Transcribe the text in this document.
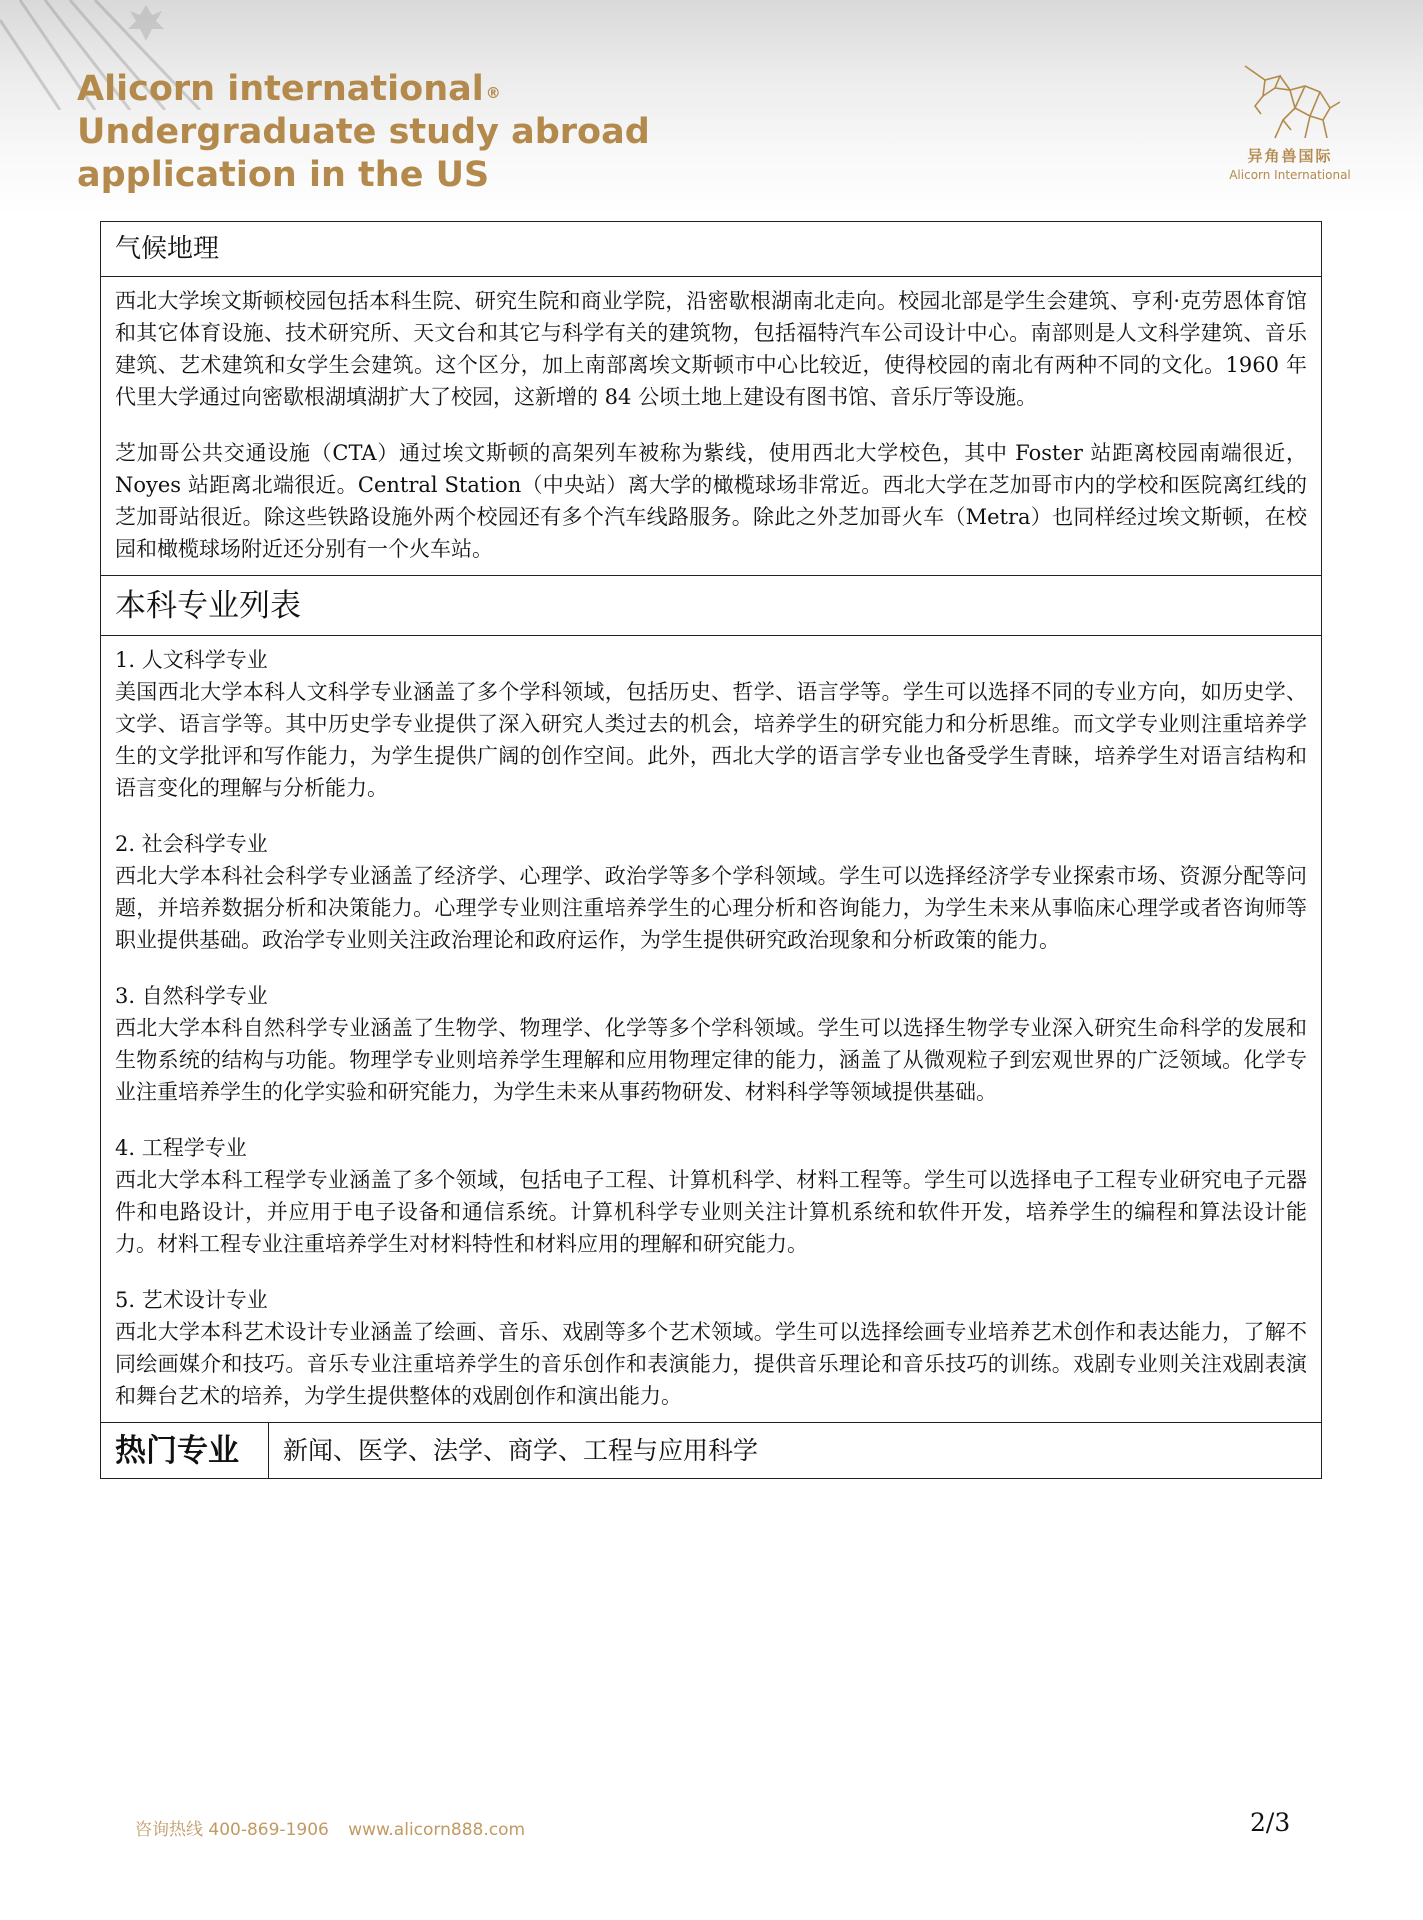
Alicorn international ®
Undergraduate study abroad
application in the US	异角兽国际
Alicorn International
气候地理

西北大学埃文斯顿校园包括本科生院、研究生院和商业学院，沿密歇根湖南北走向。校园北部是学生会建筑、亨利·克劳恩体育馆和其它体育设施、技术研究所、天文台和其它与科学有关的建筑物，包括福特汽车公司设计中心。南部则是人文科学建筑、音乐建筑、艺术建筑和女学生会建筑。这个区分，加上南部离埃文斯顿市中心比较近，使得校园的南北有两种不同的文化。1960 年代里大学通过向密歇根湖填湖扩大了校园，这新增的 84 公顷土地上建设有图书馆、音乐厅等设施。

芝加哥公共交通设施（CTA）通过埃文斯顿的高架列车被称为紫线，使用西北大学校色，其中 Foster 站距离校园南端很近，Noyes 站距离北端很近。Central Station（中央站）离大学的橄榄球场非常近。西北大学在芝加哥市内的学校和医院离红线的芝加哥站很近。除这些铁路设施外两个校园还有多个汽车线路服务。除此之外芝加哥火车（Metra）也同样经过埃文斯顿，在校园和橄榄球场附近还分别有一个火车站。

本科专业列表

1. 人文科学专业
美国西北大学本科人文科学专业涵盖了多个学科领域，包括历史、哲学、语言学等。学生可以选择不同的专业方向，如历史学、文学、语言学等。其中历史学专业提供了深入研究人类过去的机会，培养学生的研究能力和分析思维。而文学专业则注重培养学生的文学批评和写作能力，为学生提供广阔的创作空间。此外，西北大学的语言学专业也备受学生青睐，培养学生对语言结构和语言变化的理解与分析能力。

2. 社会科学专业
西北大学本科社会科学专业涵盖了经济学、心理学、政治学等多个学科领域。学生可以选择经济学专业探索市场、资源分配等问题，并培养数据分析和决策能力。心理学专业则注重培养学生的心理分析和咨询能力，为学生未来从事临床心理学或者咨询师等职业提供基础。政治学专业则关注政治理论和政府运作，为学生提供研究政治现象和分析政策的能力。

3. 自然科学专业
西北大学本科自然科学专业涵盖了生物学、物理学、化学等多个学科领域。学生可以选择生物学专业深入研究生命科学的发展和生物系统的结构与功能。物理学专业则培养学生理解和应用物理定律的能力，涵盖了从微观粒子到宏观世界的广泛领域。化学专业注重培养学生的化学实验和研究能力，为学生未来从事药物研发、材料科学等领域提供基础。

4. 工程学专业
西北大学本科工程学专业涵盖了多个领域，包括电子工程、计算机科学、材料工程等。学生可以选择电子工程专业研究电子元器件和电路设计，并应用于电子设备和通信系统。计算机科学专业则关注计算机系统和软件开发，培养学生的编程和算法设计能力。材料工程专业注重培养学生对材料特性和材料应用的理解和研究能力。

5. 艺术设计专业
西北大学本科艺术设计专业涵盖了绘画、音乐、戏剧等多个艺术领域。学生可以选择绘画专业培养艺术创作和表达能力，了解不同绘画媒介和技巧。音乐专业注重培养学生的音乐创作和表演能力，提供音乐理论和音乐技巧的训练。戏剧专业则关注戏剧表演和舞台艺术的培养，为学生提供整体的戏剧创作和演出能力。

热门专业	新闻、医学、法学、商学、工程与应用科学
咨询热线 400-869-1906 www.alicorn888.com	2/3
